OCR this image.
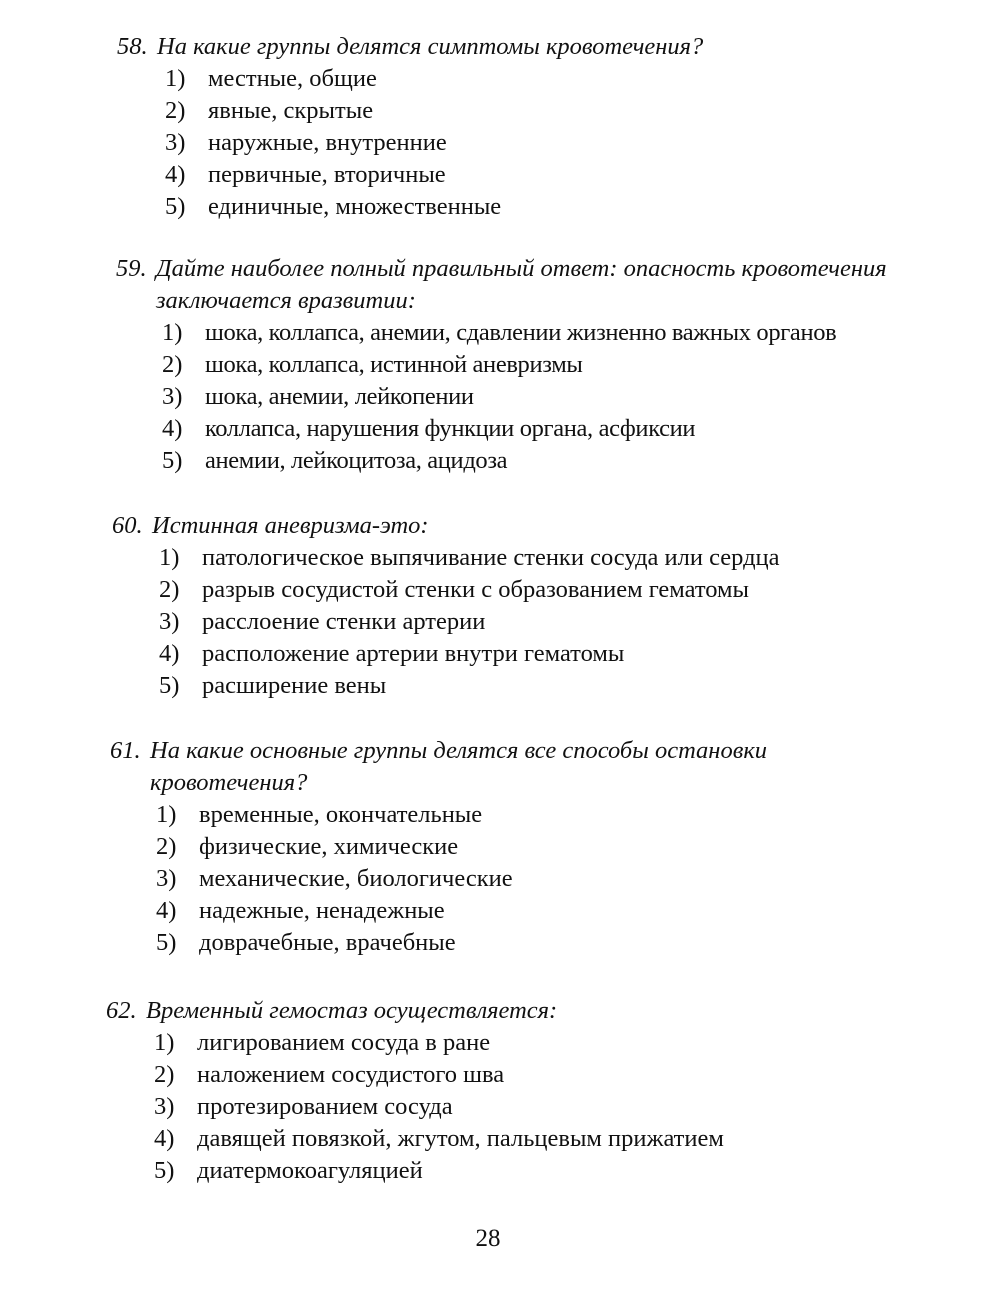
58. На какие группы делятся симптомы кровотечения?
1) местные, общие
2) явные, скрытые
3) наружные, внутренние
4) первичные, вторичные
5) единичные, множественные
59. Дайте наиболее полный правильный ответ: опасность кровотечения заключается вразвитии:
1) шока, коллапса, анемии, сдавлении жизненно важных органов
2) шока, коллапса, истинной аневризмы
3) шока, анемии, лейкопении
4) коллапса, нарушения функции органа, асфиксии
5) анемии, лейкоцитоза, ацидоза
60. Истинная аневризма-это:
1) патологическое выпячивание стенки сосуда или сердца
2) разрыв сосудистой стенки с образованием гематомы
3) расслоение стенки артерии
4) расположение артерии внутри гематомы
5) расширение вены
61. На какие основные группы делятся все способы остановки кровотечения?
1) временные, окончательные
2) физические, химические
3) механические, биологические
4) надежные, ненадежные
5) доврачебные, врачебные
62. Временный гемостаз осуществляется:
1) лигированием сосуда в ране
2) наложением сосудистого шва
3) протезированием сосуда
4) давящей повязкой, жгутом, пальцевым прижатием
5) диатермокоагуляцией
28
